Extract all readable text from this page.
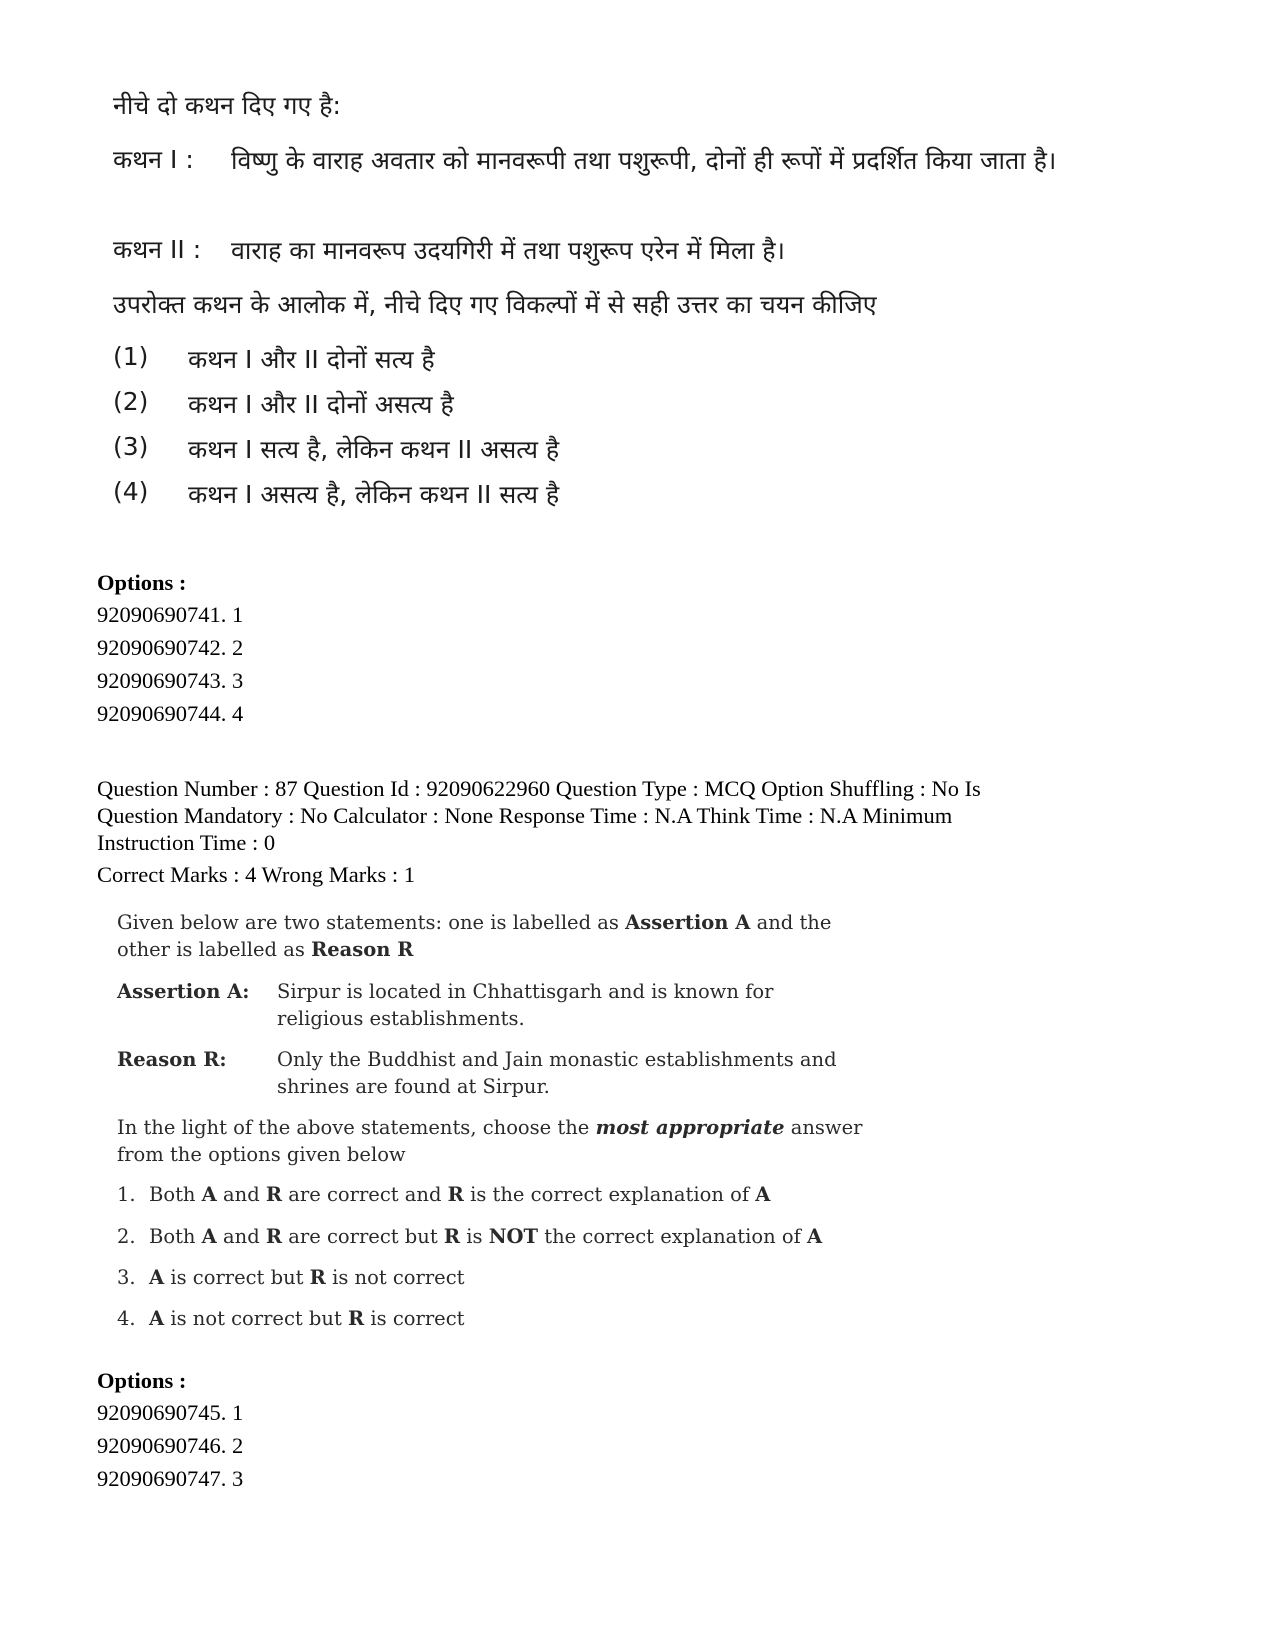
नीचे दो कथन दिए गए है:
कथन I : विष्णु के वाराह अवतार को मानवरूपी तथा पशुरूपी, दोनों ही रूपों में प्रदर्शित किया जाता है।
कथन II : वाराह का मानवरूप उदयगिरी में तथा पशुरूप एरेन में मिला है।
उपरोक्त कथन के आलोक में, नीचे दिए गए विकल्पों में से सही उत्तर का चयन कीजिए
(1) कथन I और II दोनों सत्य है
(2) कथन I और II दोनों असत्य है
(3) कथन I सत्य है, लेकिन कथन II असत्य है
(4) कथन I असत्य है, लेकिन कथन II सत्य है
Options :
92090690741. 1
92090690742. 2
92090690743. 3
92090690744. 4
Question Number : 87 Question Id : 92090622960 Question Type : MCQ Option Shuffling : No Is
Question Mandatory : No Calculator : None Response Time : N.A Think Time : N.A Minimum
Instruction Time : 0
Correct Marks : 4 Wrong Marks : 1
Given below are two statements: one is labelled as Assertion A and the
other is labelled as Reason R
Assertion A: Sirpur is located in Chhattisgarh and is known for religious establishments.
Reason R:	Only the Buddhist and Jain monastic establishments and shrines are found at Sirpur.
In the light of the above statements, choose the most appropriate answer
from the options given below
1. Both A and R are correct and R is the correct explanation of A
2. Both A and R are correct but R is NOT the correct explanation of A
3. A is correct but R is not correct
4. A is not correct but R is correct
Options :
92090690745. 1
92090690746. 2
92090690747. 3
